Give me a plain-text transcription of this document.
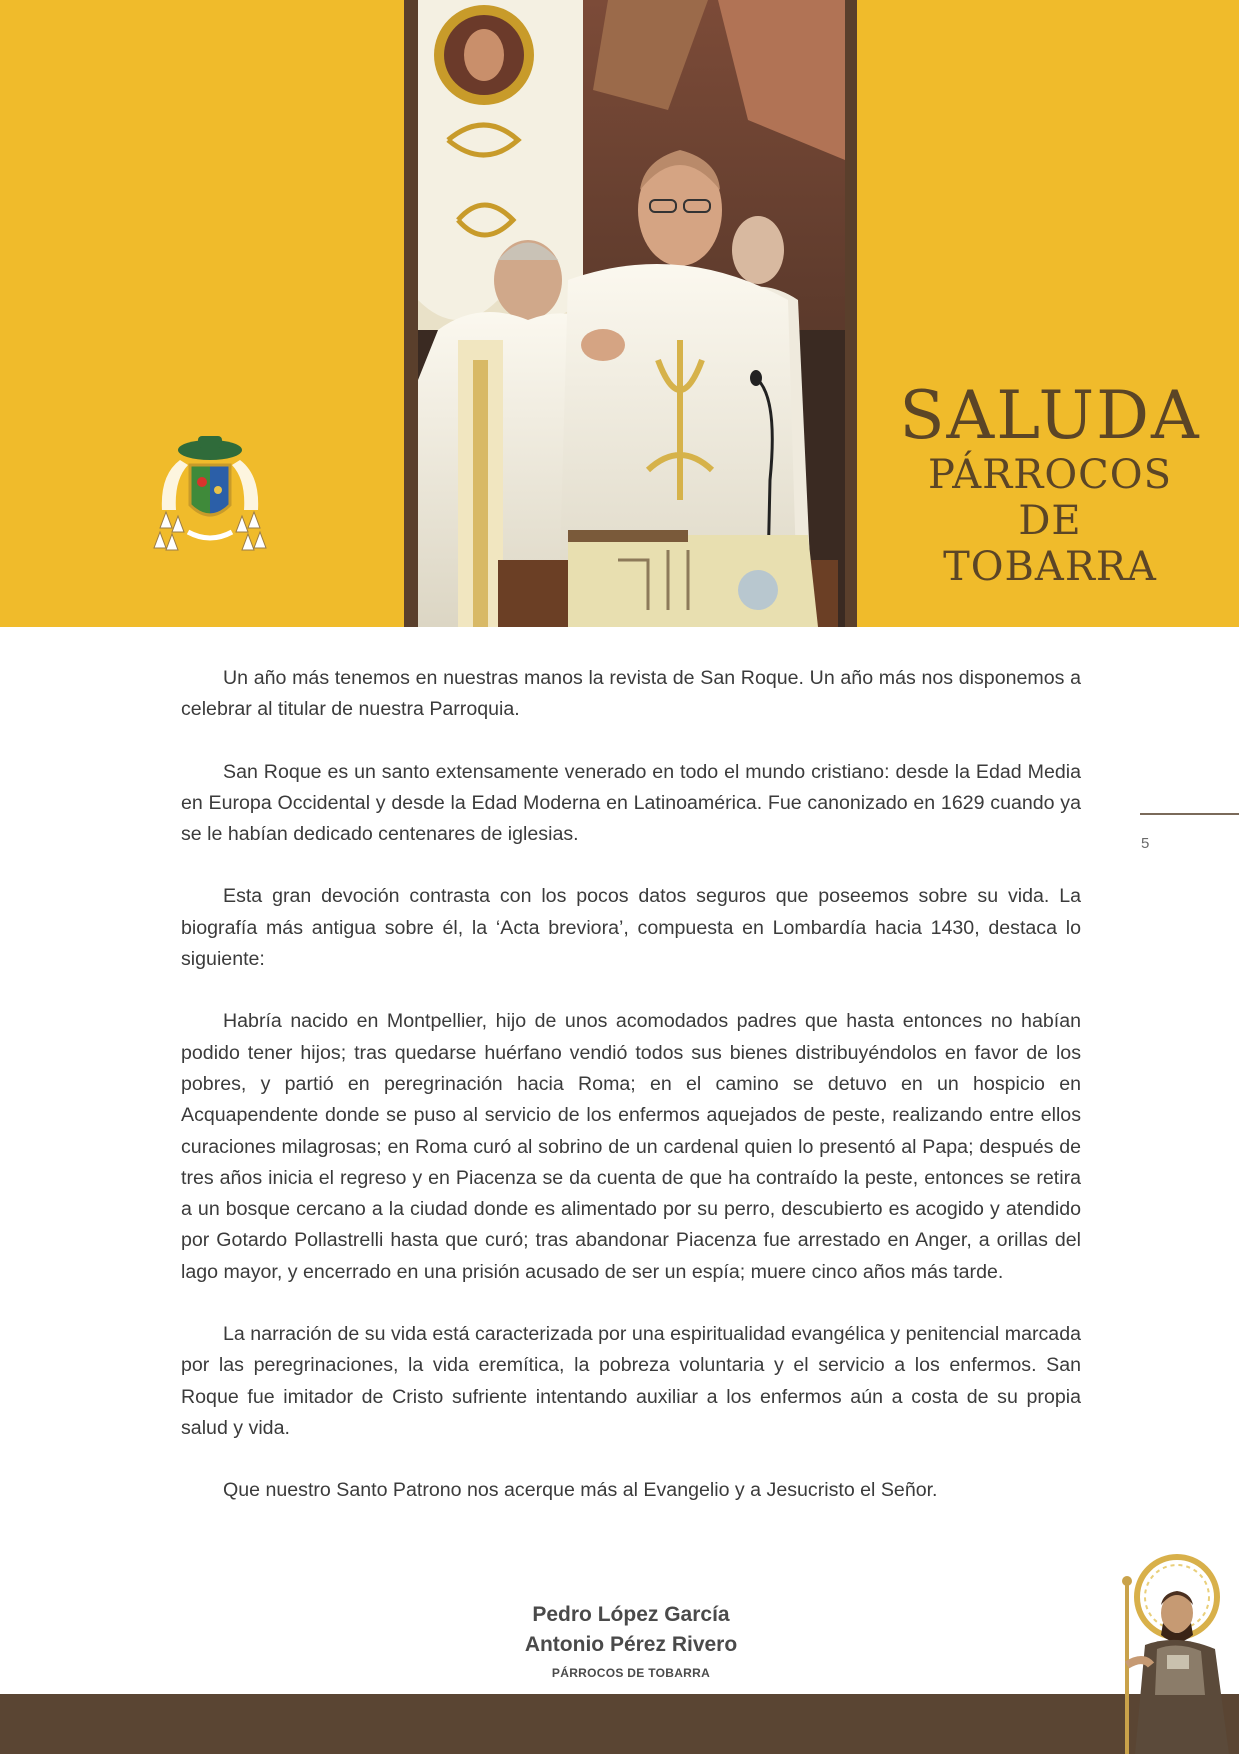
SALUDA
PÁRROCOS
DE
TOBARRA
5

Un año más tenemos en nuestras manos la revista de San Roque. Un año más nos disponemos a celebrar al titular de nuestra Parroquia.

San Roque es un santo extensamente venerado en todo el mundo cristiano: desde la Edad Media en Europa Occidental y desde la Edad Moderna en Latinoamérica. Fue canonizado en 1629 cuando ya se le habían dedicado centenares de iglesias.

Esta gran devoción contrasta con los pocos datos seguros que poseemos sobre su vida. La biografía más antigua sobre él, la ‘Acta breviora’, compuesta en Lombardía hacia 1430, destaca lo siguiente:

Habría nacido en Montpellier, hijo de unos acomodados padres que hasta entonces no habían podido tener hijos; tras quedarse huérfano vendió todos sus bienes distribuyéndolos en favor de los pobres, y partió en peregrinación hacia Roma; en el camino se detuvo en un hospicio en Acquapendente donde se puso al servicio de los enfermos aquejados de peste, realizando entre ellos curaciones milagrosas; en Roma curó al sobrino de un cardenal quien lo presentó al Papa; después de tres años inicia el regreso y en Piacenza se da cuenta de que ha contraído la peste, entonces se retira a un bosque cercano a la ciudad donde es alimentado por su perro, descubierto es acogido y atendido por Gotardo Pollastrelli hasta que curó; tras abandonar Piacenza fue arrestado en Anger, a orillas del lago mayor, y encerrado en una prisión acusado de ser un espía; muere cinco años más tarde.

La narración de su vida está caracterizada por una espiritualidad evangélica y penitencial marcada por las peregrinaciones, la vida eremítica, la pobreza voluntaria y el servicio a los enfermos. San Roque fue imitador de Cristo sufriente intentando auxiliar a los enfermos aún a costa de su propia salud y vida.

Que nuestro Santo Patrono nos acerque más al Evangelio y a Jesucristo el Señor.

Pedro López García
Antonio Pérez Rivero
PÁRROCOS DE TOBARRA
